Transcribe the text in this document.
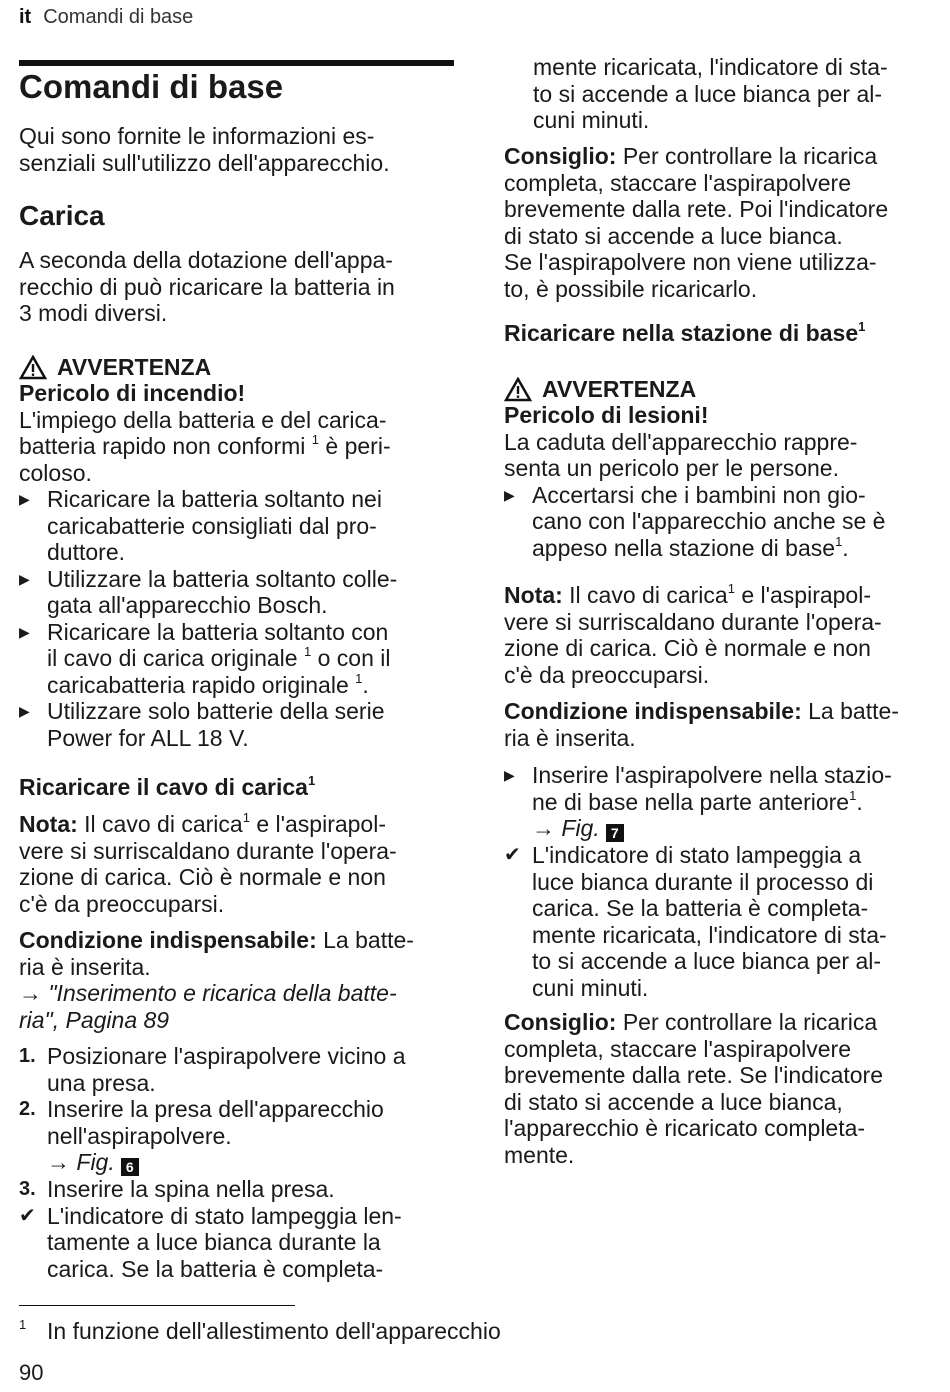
it Comandi di base
Comandi di base

Qui sono fornite le informazioni es-

senziali sull'utilizzo dell'apparecchio.

Carica

A seconda della dotazione dell'appa-

recchio di può ricaricare la batteria in

3 modi diversi.

AVVERTENZA

Pericolo di incendio!

L'impiego della batteria e del carica-

batteria rapido non conformi $^1$ è peri-

coloso.

▶ Ricaricare la batteria soltanto nei
caricabatterie consigliati dal pro-
duttore.
▶ Utilizzare la batteria soltanto colle-
gata all'apparecchio Bosch.
▶ Ricaricare la batteria soltanto con
il cavo di carica originale $^1$ o con il
caricabatteria rapido originale $^1$.
▶ Utilizzare solo batterie della serie
Power for ALL 18 V.
Ricaricare il cavo di carica$^1$

Nota: Il cavo di carica$^1$ e l'aspirapol-

vere si surriscaldano durante l'opera-

zione di carica. Ciò è normale e non

c'è da preoccuparsi.

Condizione indispensabile: La batte-

ria è inserita.

→ "Inserimento e ricarica della batte-

ria", Pagina 89

1. Posizionare l'aspirapolvere vicino a
una presa.
2. Inserire la presa dell'apparecchio
nell'aspirapolvere.
→ Fig. 6
3. Inserire la spina nella presa.
✔ L'indicatore di stato lampeggia len-
tamente a luce bianca durante la
carica. Se la batteria è completa-

mente ricaricata, l'indicatore di sta-

to si accende a luce bianca per al-

cuni minuti.

Consiglio: Per controllare la ricarica

completa, staccare l'aspirapolvere

brevemente dalla rete. Poi l'indicatore

di stato si accende a luce bianca.

Se l'aspirapolvere non viene utilizza-

to, è possibile ricaricarlo.

Ricaricare nella stazione di base$^1$
AVVERTENZA

Pericolo di lesioni!

La caduta dell'apparecchio rappre-

senta un pericolo per le persone.

▶ Accertarsi che i bambini non gio-
cano con l'apparecchio anche se è
appeso nella stazione di base$^1$.

Nota: Il cavo di carica$^1$ e l'aspirapol-

vere si surriscaldano durante l'opera-

zione di carica. Ciò è normale e non

c'è da preoccuparsi.

Condizione indispensabile: La batte-

ria è inserita.

▶ Inserire l'aspirapolvere nella stazio-
ne di base nella parte anteriore$^1$.
→ Fig. 7
✔ L'indicatore di stato lampeggia a
luce bianca durante il processo di
carica. Se la batteria è completa-
mente ricaricata, l'indicatore di sta-
to si accende a luce bianca per al-
cuni minuti.

Consiglio: Per controllare la ricarica

completa, staccare l'aspirapolvere

brevemente dalla rete. Se l'indicatore

di stato si accende a luce bianca,

l'apparecchio è ricaricato completa-

mente.

1 In funzione dell'allestimento dell'apparecchio
90
